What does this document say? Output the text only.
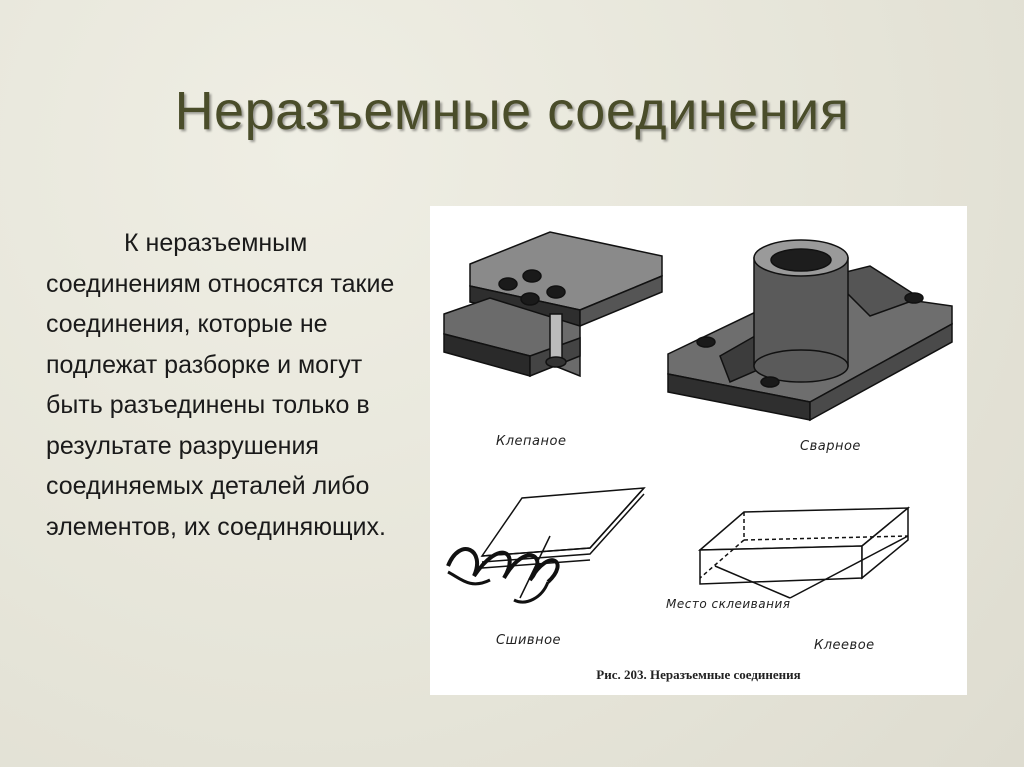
Неразъемные соединения

К неразъемным соединениям относятся такие соединения, которые не подлежат разборке и могут быть разъединены только в результате разрушения соединяемых деталей либо элементов, их соединяющих.

Клепаное	Сварное
Сшивное
Место склеивания
Клеевое
Рис. 203. Неразъемные соединения
